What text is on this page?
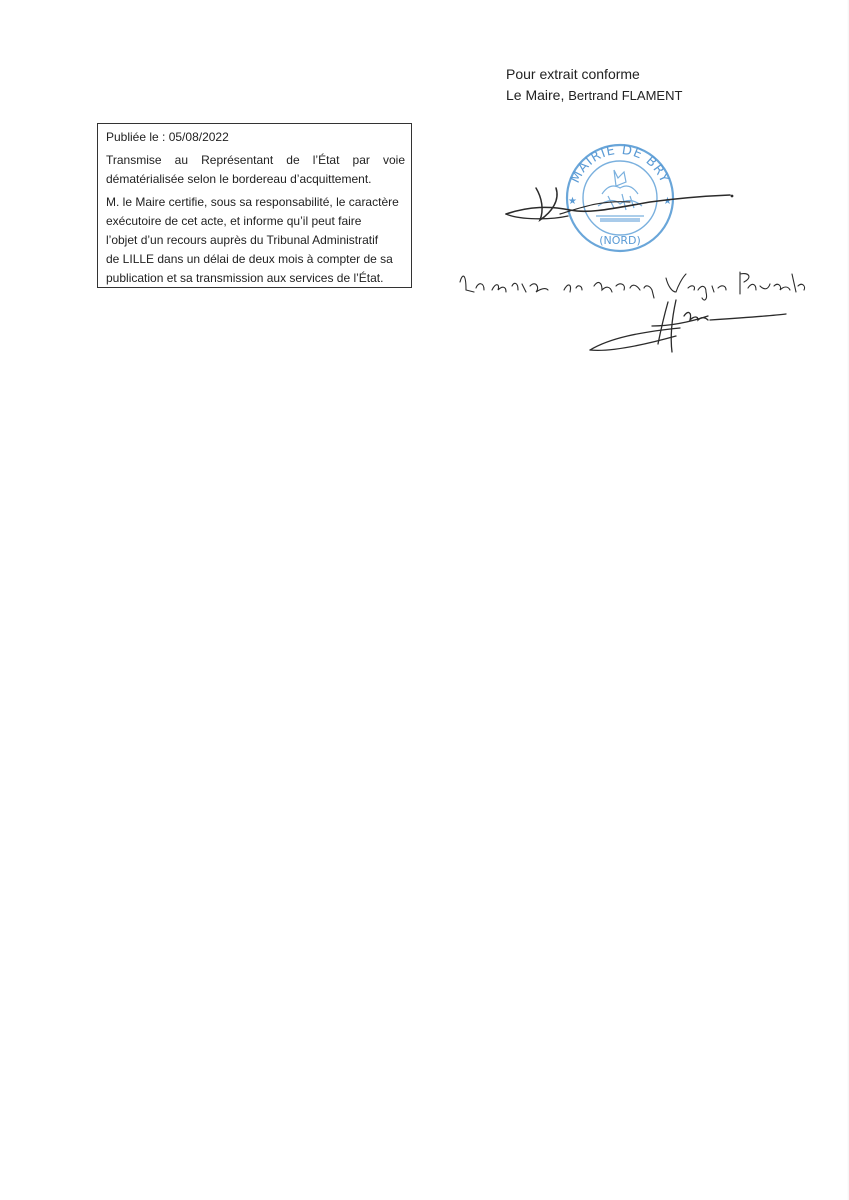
Pour extrait conforme
Le Maire, Bertrand FLAMENT

Publiée le : 05/08/2022

Transmise au Représentant de l’État par voie
dématérialisée selon le bordereau d’acquittement.

M. le Maire certifie, sous sa responsabilité, le caractère
exécutoire de cet acte, et informe qu’il peut faire
l’objet d’un recours auprès du Tribunal Administratif
de LILLE dans un délai de deux mois à compter de sa
publication et sa transmission aux services de l’État.

MAIRIE DE BRY
(NORD)
★	★
